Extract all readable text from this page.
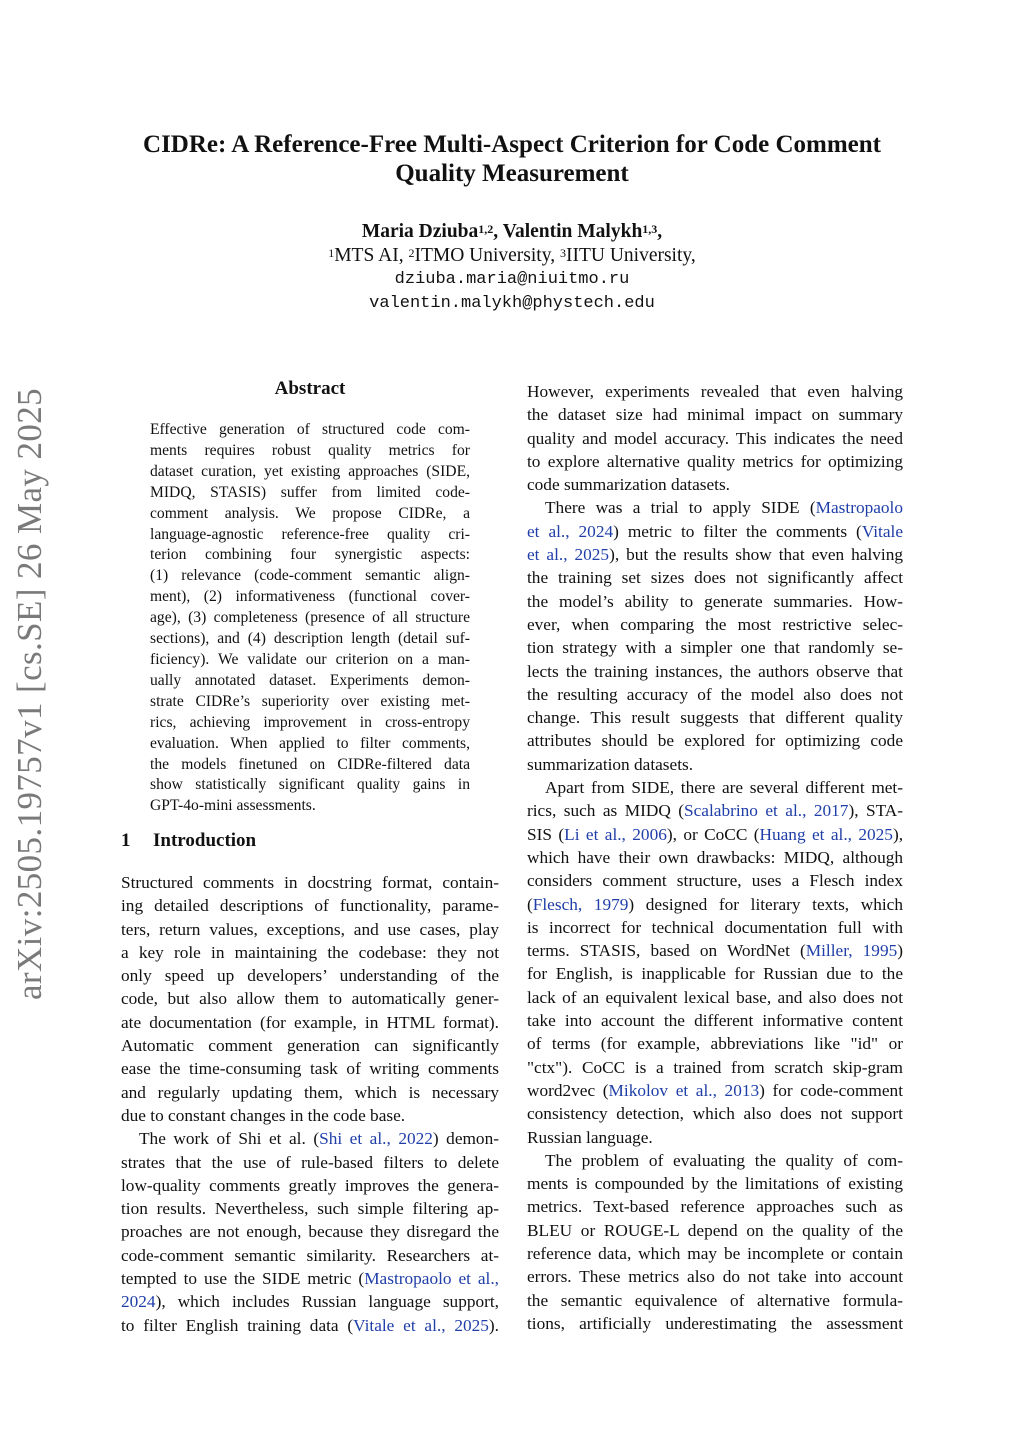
arXiv:2505.19757v1 [cs.SE] 26 May 2025
CIDRe: A Reference-Free Multi-Aspect Criterion for Code Comment
Quality Measurement
Maria Dziuba$^{1,2}$, Valentin Malykh$^{1,3}$,
$^1$MTS AI, $^2$ITMO University, $^3$IITU University,
dziuba.maria@niuitmo.ru
valentin.malykh@phystech.edu
Abstract
Effective generation of structured code com-
ments requires robust quality metrics for
dataset curation, yet existing approaches (SIDE,
MIDQ, STASIS) suffer from limited code-
comment analysis. We propose CIDRe, a
language-agnostic reference-free quality cri-
terion combining four synergistic aspects:
(1) relevance (code-comment semantic align-
ment), (2) informativeness (functional cover-
age), (3) completeness (presence of all structure
sections), and (4) description length (detail suf-
ficiency). We validate our criterion on a man-
ually annotated dataset. Experiments demon-
strate CIDRe’s superiority over existing met-
rics, achieving improvement in cross-entropy
evaluation. When applied to filter comments,
the models finetuned on CIDRe-filtered data
show statistically significant quality gains in
GPT-4o-mini assessments.
1 Introduction
Structured comments in docstring format, contain-
ing detailed descriptions of functionality, parame-
ters, return values, exceptions, and use cases, play
a key role in maintaining the codebase: they not
only speed up developers’ understanding of the
code, but also allow them to automatically gener-
ate documentation (for example, in HTML format).
Automatic comment generation can significantly
ease the time-consuming task of writing comments
and regularly updating them, which is necessary
due to constant changes in the code base.
The work of Shi et al. (Shi et al., 2022) demon-
strates that the use of rule-based filters to delete
low-quality comments greatly improves the genera-
tion results. Nevertheless, such simple filtering ap-
proaches are not enough, because they disregard the
code-comment semantic similarity. Researchers at-
tempted to use the SIDE metric (Mastropaolo et al.,
2024), which includes Russian language support,
to filter English training data (Vitale et al., 2025).
However, experiments revealed that even halving
the dataset size had minimal impact on summary
quality and model accuracy. This indicates the need
to explore alternative quality metrics for optimizing
code summarization datasets.
There was a trial to apply SIDE (Mastropaolo
et al., 2024) metric to filter the comments (Vitale
et al., 2025), but the results show that even halving
the training set sizes does not significantly affect
the model’s ability to generate summaries. How-
ever, when comparing the most restrictive selec-
tion strategy with a simpler one that randomly se-
lects the training instances, the authors observe that
the resulting accuracy of the model also does not
change. This result suggests that different quality
attributes should be explored for optimizing code
summarization datasets.
Apart from SIDE, there are several different met-
rics, such as MIDQ (Scalabrino et al., 2017), STA-
SIS (Li et al., 2006), or CoCC (Huang et al., 2025),
which have their own drawbacks: MIDQ, although
considers comment structure, uses a Flesch index
(Flesch, 1979) designed for literary texts, which
is incorrect for technical documentation full with
terms. STASIS, based on WordNet (Miller, 1995)
for English, is inapplicable for Russian due to the
lack of an equivalent lexical base, and also does not
take into account the different informative content
of terms (for example, abbreviations like "id" or
"ctx"). CoCC is a trained from scratch skip-gram
word2vec (Mikolov et al., 2013) for code-comment
consistency detection, which also does not support
Russian language.
The problem of evaluating the quality of com-
ments is compounded by the limitations of existing
metrics. Text-based reference approaches such as
BLEU or ROUGE-L depend on the quality of the
reference data, which may be incomplete or contain
errors. These metrics also do not take into account
the semantic equivalence of alternative formula-
tions, artificially underestimating the assessment
